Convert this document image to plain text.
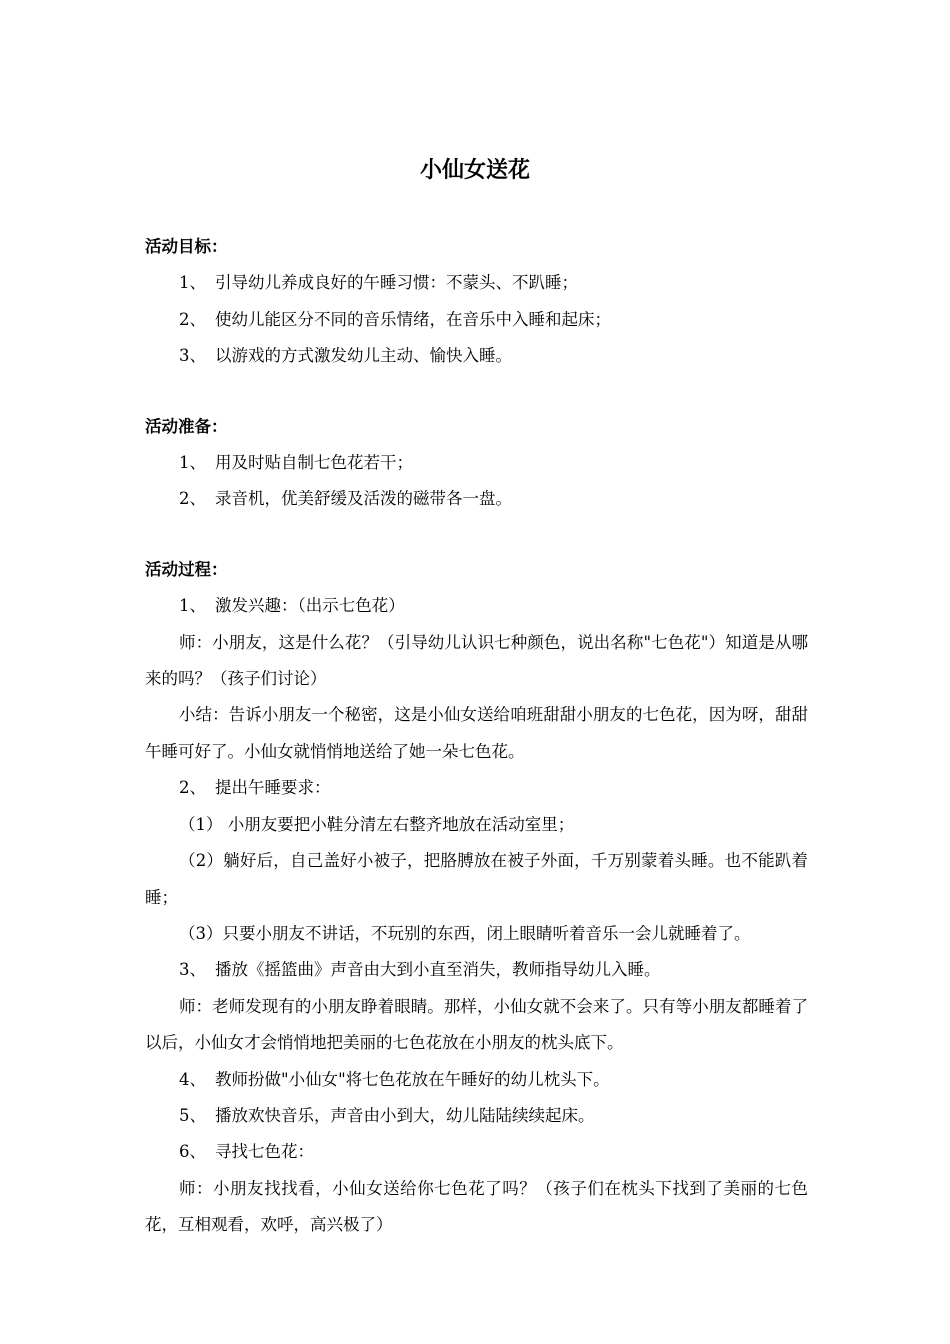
小仙女送花

活动目标：

1、 引导幼儿养成良好的午睡习惯：不蒙头、不趴睡；

2、 使幼儿能区分不同的音乐情绪，在音乐中入睡和起床；

3、 以游戏的方式激发幼儿主动、愉快入睡。

活动准备：

1、 用及时贴自制七色花若干；

2、 录音机，优美舒缓及活泼的磁带各一盘。

活动过程：

1、 激发兴趣：（出示七色花）

师：小朋友，这是什么花？（引导幼儿认识七种颜色，说出名称"七色花"）知道是从哪来的吗？（孩子们讨论）

小结：告诉小朋友一个秘密，这是小仙女送给咱班甜甜小朋友的七色花，因为呀，甜甜午睡可好了。小仙女就悄悄地送给了她一朵七色花。

2、 提出午睡要求：

（1） 小朋友要把小鞋分清左右整齐地放在活动室里；

（2）躺好后，自己盖好小被子，把胳膊放在被子外面，千万别蒙着头睡。也不能趴着睡；

（3）只要小朋友不讲话，不玩别的东西，闭上眼睛听着音乐一会儿就睡着了。

3、 播放《摇篮曲》声音由大到小直至消失，教师指导幼儿入睡。

师：老师发现有的小朋友睁着眼睛。那样，小仙女就不会来了。只有等小朋友都睡着了以后，小仙女才会悄悄地把美丽的七色花放在小朋友的枕头底下。

4、 教师扮做"小仙女"将七色花放在午睡好的幼儿枕头下。

5、 播放欢快音乐，声音由小到大，幼儿陆陆续续起床。

6、 寻找七色花：

师：小朋友找找看，小仙女送给你七色花了吗？（孩子们在枕头下找到了美丽的七色花，互相观看，欢呼，高兴极了）
